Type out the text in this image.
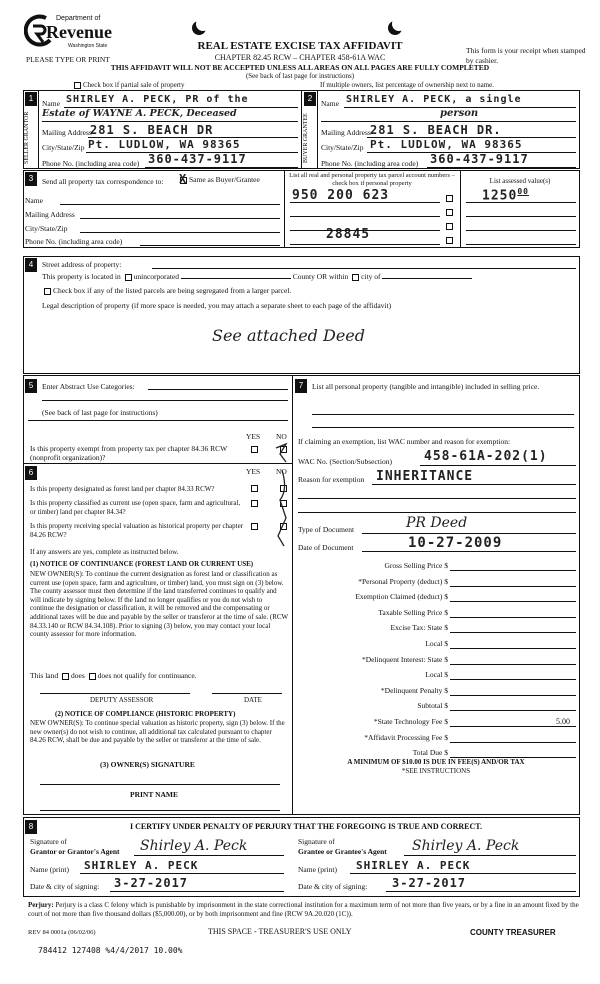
Department of
Revenue
Washington State
PLEASE TYPE OR PRINT
REAL ESTATE EXCISE TAX AFFIDAVIT
CHAPTER 82.45 RCW – CHAPTER 458-61A WAC
THIS AFFIDAVIT WILL NOT BE ACCEPTED UNLESS ALL AREAS ON ALL PAGES ARE FULLY COMPLETED
(See back of last page for instructions)
This form is your receipt when stamped by cashier.
Check box if partial sale of property	If multiple owners, list percentage of ownership next to name.
1
SELLER GRANTOR
Name SHIRLEY A. PECK, PR of the
Estate of WAYNE A. PECK, Deceased
Mailing Address
281 S. BEACH DR
City/State/Zip Pt. LUDLOW, WA 98365
Phone No. (including area code) 360-437-9117
2
BUYER GRANTEE
Name SHIRLEY A. PECK, a single
person
Mailing Address 281 S. BEACH DR.
City/State/Zip Pt. LUDLOW, WA 98365
Phone No. (including area code) 360-437-9117
3	Send all property tax correspondence to: X Same as Buyer/Grantee
Name
Mailing Address
City/State/Zip
Phone No. (including area code)
List all real and personal property tax parcel account numbers – check box if personal property	List assessed value(s)
950 200 623	1250$^{00}$
28845
4	Street address of property:
This property is located in unincorporated	County OR within city of
Check box if any of the listed parcels are being segregated from a larger parcel.
Legal description of property (if more space is needed, you may attach a separate sheet to each page of the affidavit)
See attached Deed
5	Enter Abstract Use Categories:
(See back of last page for instructions)
YES NO
Is this property exempt from property tax per chapter 84.36 RCW (nonprofit organization)?
6	YES NO
Is this property designated as forest land per chapter 84.33 RCW?
Is this property classified as current use (open space, farm and agricultural, or timber) land per chapter 84.34?
Is this property receiving special valuation as historical property per chapter 84.26 RCW?
If any answers are yes, complete as instructed below.
(1) NOTICE OF CONTINUANCE (FOREST LAND OR CURRENT USE)
NEW OWNER(S): To continue the current designation as forest land or classification as current use (open space, farm and agriculture, or timber) land, you must sign on (3) below. The county assessor must then determine if the land transferred continues to qualify and will indicate by signing below. If the land no longer qualifies or you do not wish to continue the designation or classification, it will be removed and the compensating or additional taxes will be due and payable by the seller or transferor at the time of sale. (RCW 84.33.140 or RCW 84.34.108). Prior to signing (3) below, you may contact your local county assessor for more information.
This land does does not qualify for continuance.
DEPUTY ASSESSOR	DATE
(2) NOTICE OF COMPLIANCE (HISTORIC PROPERTY)
NEW OWNER(S): To continue special valuation as historic property, sign (3) below. If the new owner(s) do not wish to continue, all additional tax calculated pursuant to chapter 84.26 RCW, shall be due and payable by the seller or transferor at the time of sale.
(3) OWNER(S) SIGNATURE
PRINT NAME
7	List all personal property (tangible and intangible) included in selling price.
If claiming an exemption, list WAC number and reason for exemption:
WAC No. (Section/Subsection) 458-61A-202(1)
Reason for exemption INHERITANCE
Type of Document	PR Deed
Date of Document	10-27-2009
Gross Selling Price $
*Personal Property (deduct) $
Exemption Claimed (deduct) $
Taxable Selling Price $
Excise Tax: State $
Local $
*Delinquent Interest: State $
Local $
*Delinquent Penalty $
Subtotal $
*State Technology Fee $	5.00
*Affidavit Processing Fee $
Total Due $
A MINIMUM OF $10.00 IS DUE IN FEE(S) AND/OR TAX
*SEE INSTRUCTIONS
8	I CERTIFY UNDER PENALTY OF PERJURY THAT THE FOREGOING IS TRUE AND CORRECT.
Signature of
Grantor or Grantor's Agent Shirley A. Peck
Name (print) SHIRLEY A. PECK
Date & city of signing: 3-27-2017
Signature of
Grantee or Grantee's Agent Shirley A. Peck
Name (print) SHIRLEY A. PECK
Date & city of signing: 3-27-2017
Perjury: Perjury is a class C felony which is punishable by imprisonment in the state correctional institution for a maximum term of not more than five years, or by a fine in an amount fixed by the court of not more than five thousand dollars ($5,000.00), or by both imprisonment and fine (RCW 9A.20.020 (1C)).
REV 84 0001a (06/02/06)	THIS SPACE - TREASURER'S USE ONLY	COUNTY TREASURER
784412 127408 %4/4/2017 10.00%
